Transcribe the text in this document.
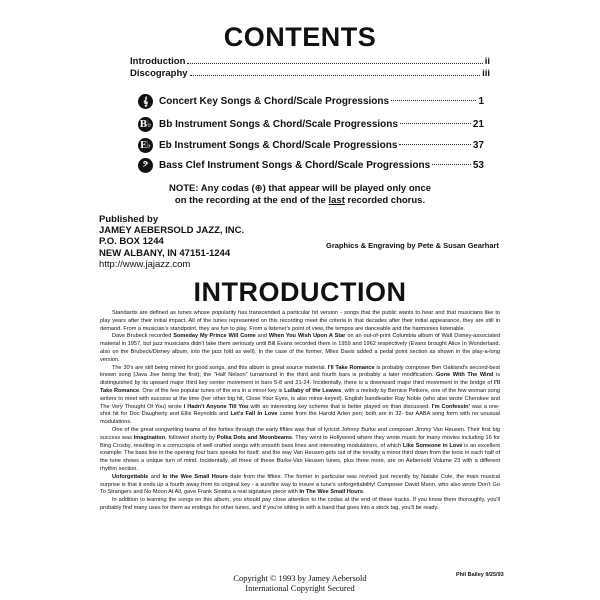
CONTENTS
Introduction	ii
Discography	iii
𝄞	Concert Key Songs & Chord/Scale Progressions	1
B♭ Bb Instrument Songs & Chord/Scale Progressions	21
E♭ Eb Instrument Songs & Chord/Scale Progressions	37
𝄢	Bass Clef Instrument Songs & Chord/Scale Progressions	53
NOTE: Any codas (⊕) that appear will be played only once
on the recording at the end of the last recorded chorus.
Published by
JAMEY AEBERSOLD JAZZ, INC.
P.O. BOX 1244
NEW ALBANY, IN 47151-1244
http://www.jajazz.com
Graphics & Engraving by Pete & Susan Gearhart
INTRODUCTION

Standards are defined as tunes whose popularity has transcended a particular hit version - songs that the public wants to hear and that musicians like to play years after their initial impact. All of the tunes represented on this recording meet the criteria in that decades after their initial appearance, they are still in demand. From a musician's standpoint, they are fun to play. From a listener's point of view, the tempos are danceable and the harmonies listenable.

Dave Brubeck recorded Someday My Prince Will Come and When You Wish Upon A Star on an out-of-print Columbia album of Walt Disney-associated material in 1957, but jazz musicians didn't take them seriously until Bill Evans recorded them in 1959 and 1962 respectively (Evans brought Alice In Wonderland, also on the Brubeck/Disney album, into the jazz fold as well). In the case of the former, Miles Davis added a pedal point section as shown in the play-a-long version.

The 30's are still being mined for good songs, and this album is great source material. I'll Take Romance is probably composer Ben Oakland's second-best known song (Java Jive being the first); the "Half Nelson" turnaround in the third and fourth bars is probably a later modification. Gone With The Wind is distinguished by its upward major third key center movement in bars 5-8 and 21-24. Incidentally, there is a downward major third movement in the bridge of I'll Take Romance. One of the few popular tunes of the era in a minor key is Lullaby of the Leaves, with a melody by Bernice Petkere, one of the few woman song writers to meet with success at the time (her other big hit, Close Your Eyes, is also minor-keyed). English bandleader Ray Noble (who also wrote Cherokee and The Very Thought Of You) wrote I Hadn't Anyone Till You with an interesting key scheme that is better played on than discussed. I'm Confessin' was a one-shot hit for Doc Daugherty and Ellis Reynolds and Let's Fall In Love came from the Harold Arlen pen; both are in 32- bar AABA song form with no unusual modulations.

One of the great songwriting teams of the forties through the early fifties was that of lyricist Johnny Burke and composer Jimmy Van Heusen. Their first big success was Imagination, followed shortly by Polka Dots and Moonbeams. They went to Hollywood where they wrote music for many movies including 16 for Bing Crosby, resulting in a cornucopia of well crafted songs with smooth bass lines and interesting modulations, of which Like Someone in Love is an excellent example. The bass line in the opening four bars speaks for itself, and the way Van Heusen gets out of the tonality a minor third down from the tonic in each half of the tune shows a unique turn of mind. Incidentally, all three of these Burke-Van Heusen tunes, plus three more, are on Aebersold Volume 23 with a different rhythm section.

Unforgettable and In the Wee Small Hours date from the fifties. The former in particular was revived just recently by Natalie Cole, the main musical surprise is that it ends up a fourth away from its original key - a surefire way to insure a tune's unforgettability! Composer David Mann, who also wrote Don't Go To Strangers and No Moon At All, gave Frank Sinatra a real signature piece with In The Wee Small Hours.

In addition to learning the songs on this album, you should pay close attention to the codas at the end of these tracks. If you know them thoroughly, you'll probably find many uses for them as endings for other tunes, and if you're sitting in with a band that goes into a stock tag, you'll be ready.

Copyright © 1993 by Jamey Aebersold
International Copyright Secured
Phil Bailey 9/25/93
